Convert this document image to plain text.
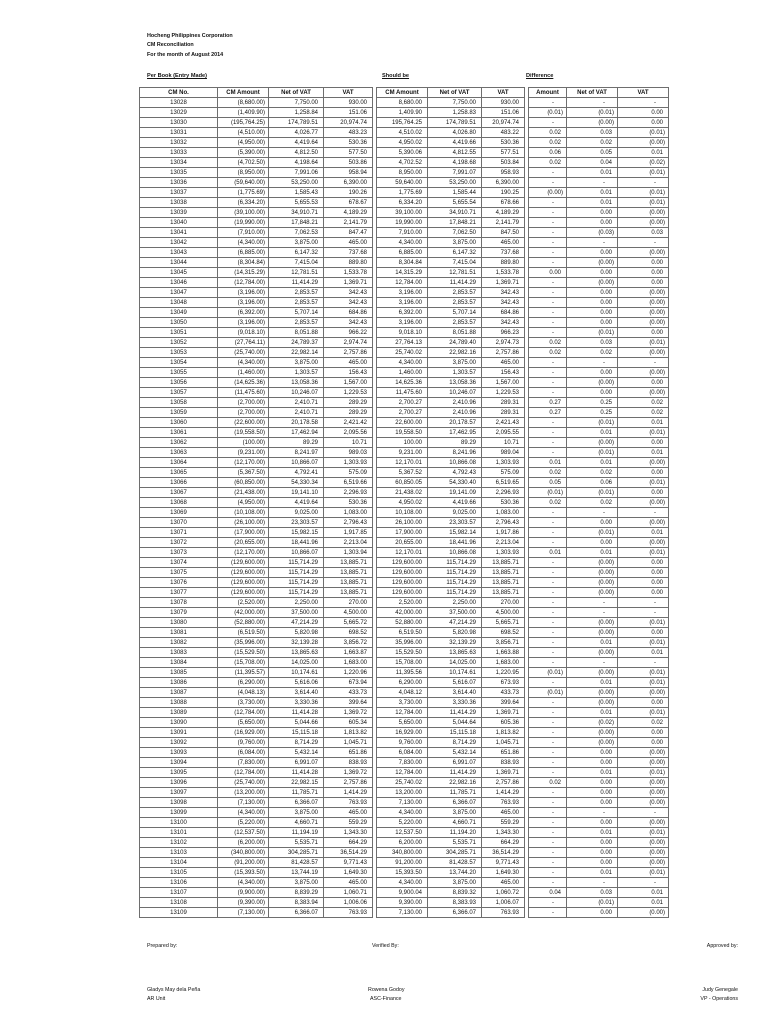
Hocheng Philippines Corporation
CM Reconciliation
For the month of August 2014
Per Book (Entry Made)	Should be	Difference
CM No.	CM Amount	Net of VAT	VAT		CM Amount	Net of VAT	VAT		Amount	Net of VAT	VAT
13028	(8,680.00)	7,750.00	930.00		8,680.00	7,750.00	930.00		-	-	-
13029	(1,409.90)	1,258.84	151.06		1,409.90	1,258.83	151.06		(0.01)	(0.01)	0.00
13030	(195,764.25)	174,789.51	20,974.74		195,764.25	174,789.51	20,974.74		-	(0.00)	0.00
13031	(4,510.00)	4,026.77	483.23		4,510.02	4,026.80	483.22		0.02	0.03	(0.01)
13032	(4,950.00)	4,419.64	530.36		4,950.02	4,419.66	530.36		0.02	0.02	(0.00)
13033	(5,390.00)	4,812.50	577.50		5,390.06	4,812.55	577.51		0.06	0.05	0.01
13034	(4,702.50)	4,198.64	503.86		4,702.52	4,198.68	503.84		0.02	0.04	(0.02)
13035	(8,950.00)	7,991.06	958.94		8,950.00	7,991.07	958.93		-	0.01	(0.01)
13036	(59,640.00)	53,250.00	6,390.00		59,640.00	53,250.00	6,390.00		-	-	-
13037	(1,775.69)	1,585.43	190.26		1,775.69	1,585.44	190.25		(0.00)	0.01	(0.01)
13038	(6,334.20)	5,655.53	678.67		6,334.20	5,655.54	678.66		-	0.01	(0.01)
13039	(39,100.00)	34,910.71	4,189.29		39,100.00	34,910.71	4,189.29		-	0.00	(0.00)
13040	(19,990.00)	17,848.21	2,141.79		19,990.00	17,848.21	2,141.79		-	0.00	(0.00)
13041	(7,910.00)	7,062.53	847.47		7,910.00	7,062.50	847.50		-	(0.03)	0.03
13042	(4,340.00)	3,875.00	465.00		4,340.00	3,875.00	465.00		-	-	-
13043	(6,885.00)	6,147.32	737.68		6,885.00	6,147.32	737.68		-	0.00	(0.00)
13044	(8,304.84)	7,415.04	889.80		8,304.84	7,415.04	889.80		-	(0.00)	0.00
13045	(14,315.29)	12,781.51	1,533.78		14,315.29	12,781.51	1,533.78		0.00	0.00	0.00
13046	(12,784.00)	11,414.29	1,369.71		12,784.00	11,414.29	1,369.71		-	(0.00)	0.00
13047	(3,196.00)	2,853.57	342.43		3,196.00	2,853.57	342.43		-	0.00	(0.00)
13048	(3,196.00)	2,853.57	342.43		3,196.00	2,853.57	342.43		-	0.00	(0.00)
13049	(6,392.00)	5,707.14	684.86		6,392.00	5,707.14	684.86		-	0.00	(0.00)
13050	(3,196.00)	2,853.57	342.43		3,196.00	2,853.57	342.43		-	0.00	(0.00)
13051	(9,018.10)	8,051.88	966.22		9,018.10	8,051.88	966.23		-	(0.01)	0.00
13052	(27,764.11)	24,789.37	2,974.74		27,764.13	24,789.40	2,974.73		0.02	0.03	(0.01)
13053	(25,740.00)	22,982.14	2,757.86		25,740.02	22,982.16	2,757.86		0.02	0.02	(0.00)
13054	(4,340.00)	3,875.00	465.00		4,340.00	3,875.00	465.00		-	-	-
13055	(1,460.00)	1,303.57	156.43		1,460.00	1,303.57	156.43		-	0.00	(0.00)
13056	(14,625.36)	13,058.36	1,567.00		14,625.36	13,058.36	1,567.00		-	(0.00)	0.00
13057	(11,475.60)	10,246.07	1,229.53		11,475.60	10,246.07	1,229.53		-	0.00	(0.00)
13058	(2,700.00)	2,410.71	289.29		2,700.27	2,410.96	289.31		0.27	0.25	0.02
13059	(2,700.00)	2,410.71	289.29		2,700.27	2,410.96	289.31		0.27	0.25	0.02
13060	(22,600.00)	20,178.58	2,421.42		22,600.00	20,178.57	2,421.43		-	(0.01)	0.01
13061	(19,558.50)	17,462.94	2,095.56		19,558.50	17,462.95	2,095.55		-	0.01	(0.01)
13062	(100.00)	89.29	10.71		100.00	89.29	10.71		-	(0.00)	0.00
13063	(9,231.00)	8,241.97	989.03		9,231.00	8,241.96	989.04		-	(0.01)	0.01
13064	(12,170.00)	10,866.07	1,303.93		12,170.01	10,866.08	1,303.93		0.01	0.01	(0.00)
13065	(5,367.50)	4,792.41	575.09		5,367.52	4,792.43	575.09		0.02	0.02	0.00
13066	(60,850.00)	54,330.34	6,519.66		60,850.05	54,330.40	6,519.65		0.05	0.06	(0.01)
13067	(21,438.00)	19,141.10	2,296.93		21,438.02	19,141.09	2,296.93		(0.01)	(0.01)	0.00
13068	(4,950.00)	4,419.64	530.36		4,950.02	4,419.66	530.36		0.02	0.02	(0.00)
13069	(10,108.00)	9,025.00	1,083.00		10,108.00	9,025.00	1,083.00		-	-	-
13070	(26,100.00)	23,303.57	2,796.43		26,100.00	23,303.57	2,796.43		-	0.00	(0.00)
13071	(17,900.00)	15,982.15	1,917.85		17,900.00	15,982.14	1,917.86		-	(0.01)	0.01
13072	(20,655.00)	18,441.96	2,213.04		20,655.00	18,441.96	2,213.04		-	0.00	(0.00)
13073	(12,170.00)	10,866.07	1,303.94		12,170.01	10,866.08	1,303.93		0.01	0.01	(0.01)
13074	(129,600.00)	115,714.29	13,885.71		129,600.00	115,714.29	13,885.71		-	(0.00)	0.00
13075	(129,600.00)	115,714.29	13,885.71		129,600.00	115,714.29	13,885.71		-	(0.00)	0.00
13076	(129,600.00)	115,714.29	13,885.71		129,600.00	115,714.29	13,885.71		-	(0.00)	0.00
13077	(129,600.00)	115,714.29	13,885.71		129,600.00	115,714.29	13,885.71		-	(0.00)	0.00
13078	(2,520.00)	2,250.00	270.00		2,520.00	2,250.00	270.00		-	-	-
13079	(42,000.00)	37,500.00	4,500.00		42,000.00	37,500.00	4,500.00		-	-	-
13080	(52,880.00)	47,214.29	5,665.72		52,880.00	47,214.29	5,665.71		-	(0.00)	(0.01)
13081	(6,519.50)	5,820.98	698.52		6,519.50	5,820.98	698.52		-	(0.00)	0.00
13082	(35,996.00)	32,139.28	3,856.72		35,996.00	32,139.29	3,856.71		-	0.01	(0.01)
13083	(15,529.50)	13,865.63	1,663.87		15,529.50	13,865.63	1,663.88		-	(0.00)	0.01
13084	(15,708.00)	14,025.00	1,683.00		15,708.00	14,025.00	1,683.00		-	-	-
13085	(11,395.57)	10,174.61	1,220.96		11,395.56	10,174.61	1,220.95		(0.01)	(0.00)	(0.01)
13086	(6,290.00)	5,616.06	673.94		6,290.00	5,616.07	673.93		-	0.01	(0.01)
13087	(4,048.13)	3,614.40	433.73		4,048.12	3,614.40	433.73		(0.01)	(0.00)	(0.00)
13088	(3,730.00)	3,330.36	399.64		3,730.00	3,330.36	399.64		-	(0.00)	0.00
13089	(12,784.00)	11,414.28	1,369.72		12,784.00	11,414.29	1,369.71		-	0.01	(0.01)
13090	(5,650.00)	5,044.66	605.34		5,650.00	5,044.64	605.36		-	(0.02)	0.02
13091	(16,929.00)	15,115.18	1,813.82		16,929.00	15,115.18	1,813.82		-	(0.00)	0.00
13092	(9,760.00)	8,714.29	1,045.71		9,760.00	8,714.29	1,045.71		-	(0.00)	0.00
13093	(6,084.00)	5,432.14	651.86		6,084.00	5,432.14	651.86		-	0.00	(0.00)
13094	(7,830.00)	6,991.07	838.93		7,830.00	6,991.07	838.93		-	0.00	(0.00)
13095	(12,784.00)	11,414.28	1,369.72		12,784.00	11,414.29	1,369.71		-	0.01	(0.01)
13096	(25,740.00)	22,982.15	2,757.86		25,740.02	22,982.16	2,757.86		0.02	0.00	(0.00)
13097	(13,200.00)	11,785.71	1,414.29		13,200.00	11,785.71	1,414.29		-	0.00	(0.00)
13098	(7,130.00)	6,366.07	763.93		7,130.00	6,366.07	763.93		-	0.00	(0.00)
13099	(4,340.00)	3,875.00	465.00		4,340.00	3,875.00	465.00		-	-	-
13100	(5,220.00)	4,660.71	559.29		5,220.00	4,660.71	559.29		-	0.00	(0.00)
13101	(12,537.50)	11,194.19	1,343.30		12,537.50	11,194.20	1,343.30		-	0.01	(0.01)
13102	(6,200.00)	5,535.71	664.29		6,200.00	5,535.71	664.29		-	0.00	(0.00)
13103	(340,800.00)	304,285.71	36,514.29		340,800.00	304,285.71	36,514.29		-	0.00	(0.00)
13104	(91,200.00)	81,428.57	9,771.43		91,200.00	81,428.57	9,771.43		-	0.00	(0.00)
13105	(15,393.50)	13,744.19	1,649.30		15,393.50	13,744.20	1,649.30		-	0.01	(0.01)
13106	(4,340.00)	3,875.00	465.00		4,340.00	3,875.00	465.00		-	-	-
13107	(9,900.00)	8,839.29	1,060.71		9,900.04	8,839.32	1,060.72		0.04	0.03	0.01
13108	(9,390.00)	8,383.94	1,006.06		9,390.00	8,383.93	1,006.07		-	(0.01)	0.01
13109	(7,130.00)	6,366.07	763.93		7,130.00	6,366.07	763.93		-	0.00	(0.00)
Prepared by:
Gladys May dela Peña
AR Unit
Verified By:
Rowena Godoy
ASC-Finance
Approved by:
Judy Genegale
VP - Operations
